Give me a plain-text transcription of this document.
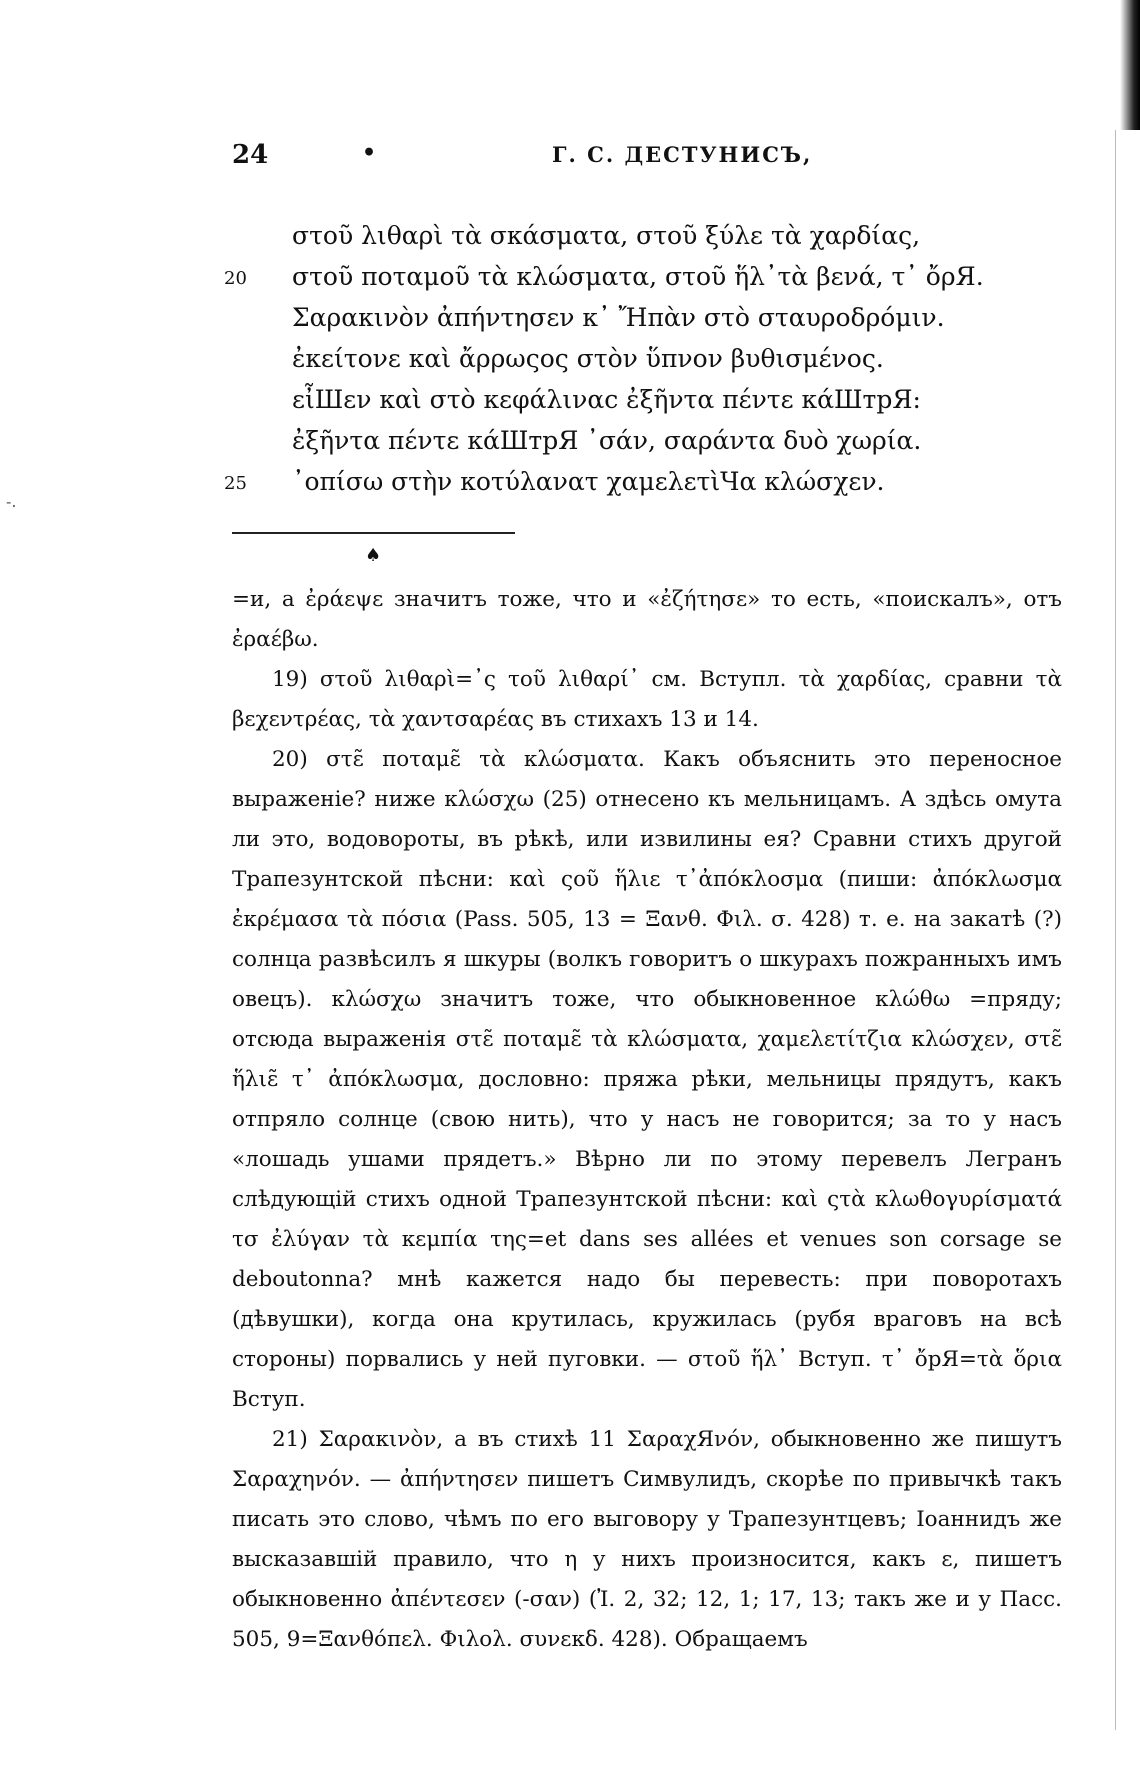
24	•	Г. С. ДЕСТУНИСЪ,
στοῦ λιθαρὶ τὰ σκάσματα, στοῦ ξύλε τὰ χαρδίας,
20 στοῦ ποταμοῦ τὰ κλώσματα, στοῦ ἥλ᾽τὰ βενά, τ᾽ ὄρЯ.
Σαρακινὸν ἀπήντησεν κ᾽ Ἤπὰν στὸ σταυροδρόμιν.
ἐκείτονε καὶ ἄρρωςος στὸν ὕπνον βυθισμένος.
εἶШεν καὶ στὸ κεφάλιναϲ ἐξῆντα πέντε κάШтрЯ:
ἐξῆντα πέντε κάШтрЯ ᾽σάν, σαράντα δυὸ χωρία.
25 ᾽οπίσω στὴν κοτύλανατ χαμελετὶЧα κλώσχεν.
-.
♠

=и, а ἐράεψε значитъ тоже, что и «ἐζήτησε» то есть, «поискалъ», отъ ἐραέβω.

19) στοῦ λιθαρὶ=᾽ς τοῦ λιθαρί᾽ см. Вступл. τὰ χαρδίας, сравни τὰ βεχεντρέας, τὰ χαντσαρέας въ стихахъ 13 и 14.

20) στε̃ ποταμε̃ τὰ κλώσματα. Какъ объяснить это переносное выраженіе? ниже κλώσχω (25) отнесено къ мельницамъ. А здѣсь омута ли это, водовороты, въ рѣкѣ, или извилины ея? Сравни стихъ другой Трапезунтской пѣсни: καὶ ςοῦ ἥλιε τ᾽ἀπόκλοσμα (пиши: ἀπόκλωσμα ἐκρέμασα τὰ πόσια (Pass. 505, 13 = Ξανθ. Φιλ. σ. 428) т. е. на закатѣ (?) солнца развѣсилъ я шкуры (волкъ говоритъ о шкурахъ пожранныхъ имъ овецъ). κλώσχω значитъ тоже, что обыкновенное κλώθω =пряду; отсюда выраженія στε̃ ποταμε̃ τὰ κλώσματα, χαμελετίτζια κλώσχεν, στε̃ ἥλιε̃ τ᾽ ἀπόκλωσμα, дословно: пряжа рѣки, мельницы прядутъ, какъ отпряло солнце (свою нить), что у насъ не говорится; за то у насъ «лошадь ушами прядетъ.» Вѣрно ли по этому перевелъ Легранъ слѣдующій стихъ одной Трапезунтской пѣсни: καὶ ςτὰ κλωθογυρίσματά τσ ἐλύγαν τὰ κεμπία της=et dans ses allées et venues son corsage se deboutonna? мнѣ кажется надо бы перевесть: при поворотахъ (дѣвушки), когда она крутилась, кружилась (рубя враговъ на всѣ стороны) порвались у ней пуговки. — στοῦ ἥλ᾽ Вступ. τ᾽ ὄрЯ=τὰ ὅρια Вступ.

21) Σαρακινὸν, а въ стихѣ 11 ΣαραχЯνόν, обыкновенно же пишутъ Σαραχηνόν. — ἀπήντησεν пишетъ Симвулидъ, скорѣе по привычкѣ такъ писать это слово, чѣмъ по его выговору у Трапезунтцевъ; Іоаннидъ же высказавшій правило, что η у нихъ произносится, какъ ε, пишетъ обыкновенно ἀπέντεσεν (-σαν) (Ἰ. 2, 32; 12, 1; 17, 13; такъ же и у Пасс. 505, 9=Ξανθόπελ. Φιλολ. συνεκδ. 428). Обращаемъ
